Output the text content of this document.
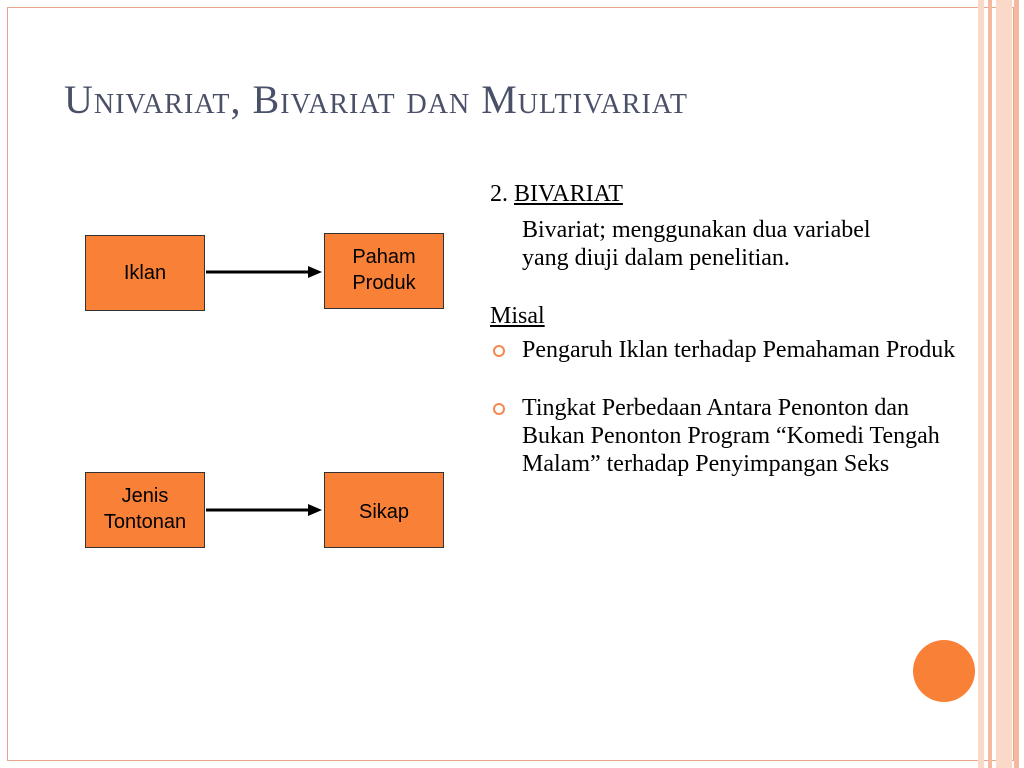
Univariat, Bivariat dan Multivariat

Iklan

Paham
Produk

Jenis
Tontonan	Sikap

2. BIVARIAT

Bivariat; menggunakan dua variabel yang diuji dalam penelitian.

Misal

Pengaruh Iklan terhadap Pemahaman Produk
Tingkat Perbedaan Antara Penonton dan Bukan Penonton Program “Komedi Tengah Malam” terhadap Penyimpangan Seks
